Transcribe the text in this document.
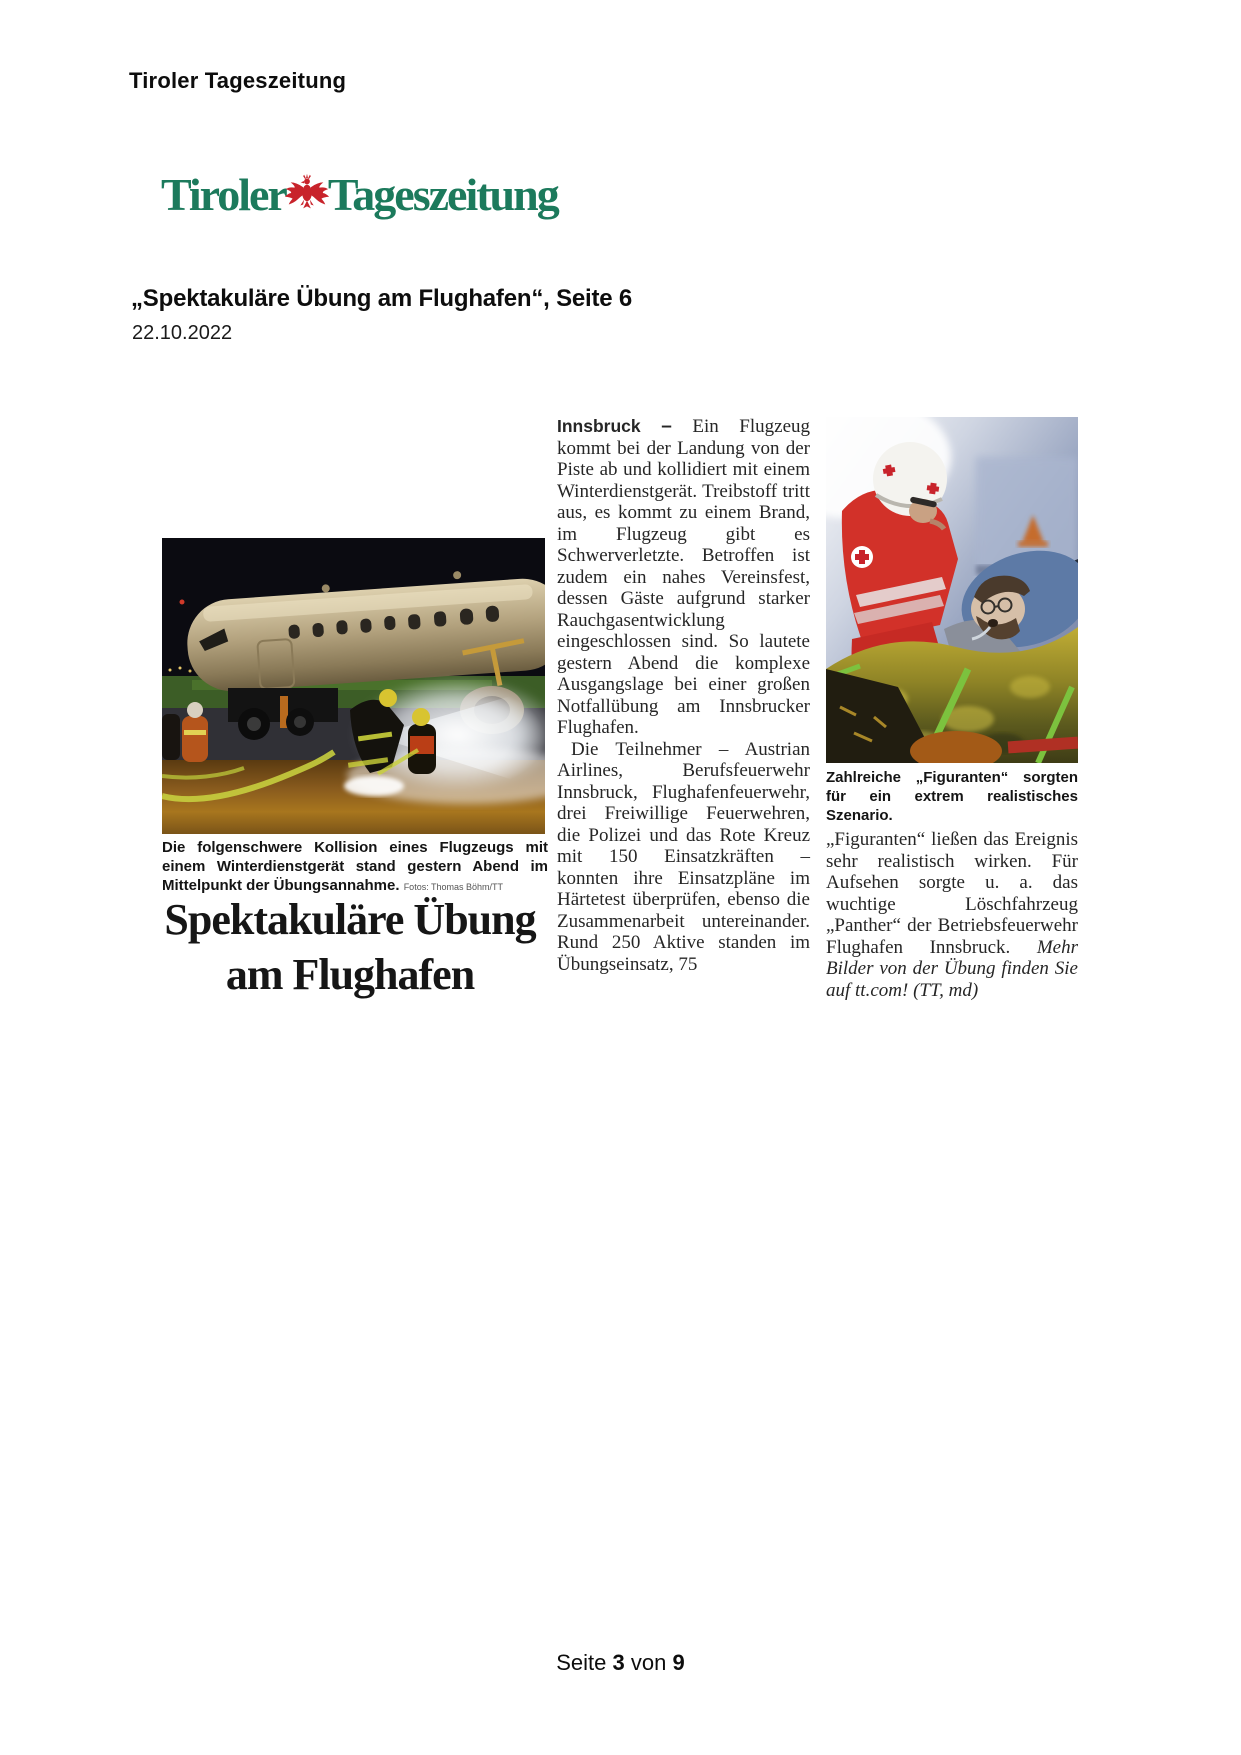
Tiroler Tageszeitung
Tiroler Tageszeitung
„Spektakuläre Übung am Flughafen“, Seite 6
22.10.2022
Die folgenschwere Kollision eines Flugzeugs mit einem Winterdienstgerät stand gestern Abend im Mittelpunkt der Übungsannahme. Fotos: Thomas Böhm/TT
Spektakuläre Übung
am Flughafen

Innsbruck – Ein Flugzeug kommt bei der Landung von der Piste ab und kollidiert mit einem Winterdienstgerät. Treibstoff tritt aus, es kommt zu einem Brand, im Flugzeug gibt es Schwerverletzte. Betroffen ist zudem ein nahes Vereinsfest, dessen Gäste aufgrund starker Rauchgasentwicklung eingeschlossen sind. So lautete gestern Abend die komplexe Ausgangslage bei einer großen Notfallübung am Innsbrucker Flughafen.

Die Teilnehmer – Austrian Airlines, Berufsfeuerwehr Innsbruck, Flughafenfeuerwehr, drei Freiwillige Feuerwehren, die Polizei und das Rote Kreuz mit 150 Einsatzkräften – konnten ihre Einsatzpläne im Härtetest überprüfen, ebenso die Zusammenarbeit untereinander. Rund 250 Aktive standen im Übungseinsatz, 75

Zahlreiche „Figuranten“ sorgten für ein extrem realistisches Szenario.

„Figuranten“ ließen das Ereignis sehr realistisch wirken. Für Aufsehen sorgte u. a. das wuchtige Löschfahrzeug „Panther“ der Betriebsfeuerwehr Flughafen Innsbruck. Mehr Bilder von der Übung finden Sie auf tt.com! (TT, md)

Seite 3 von 9
